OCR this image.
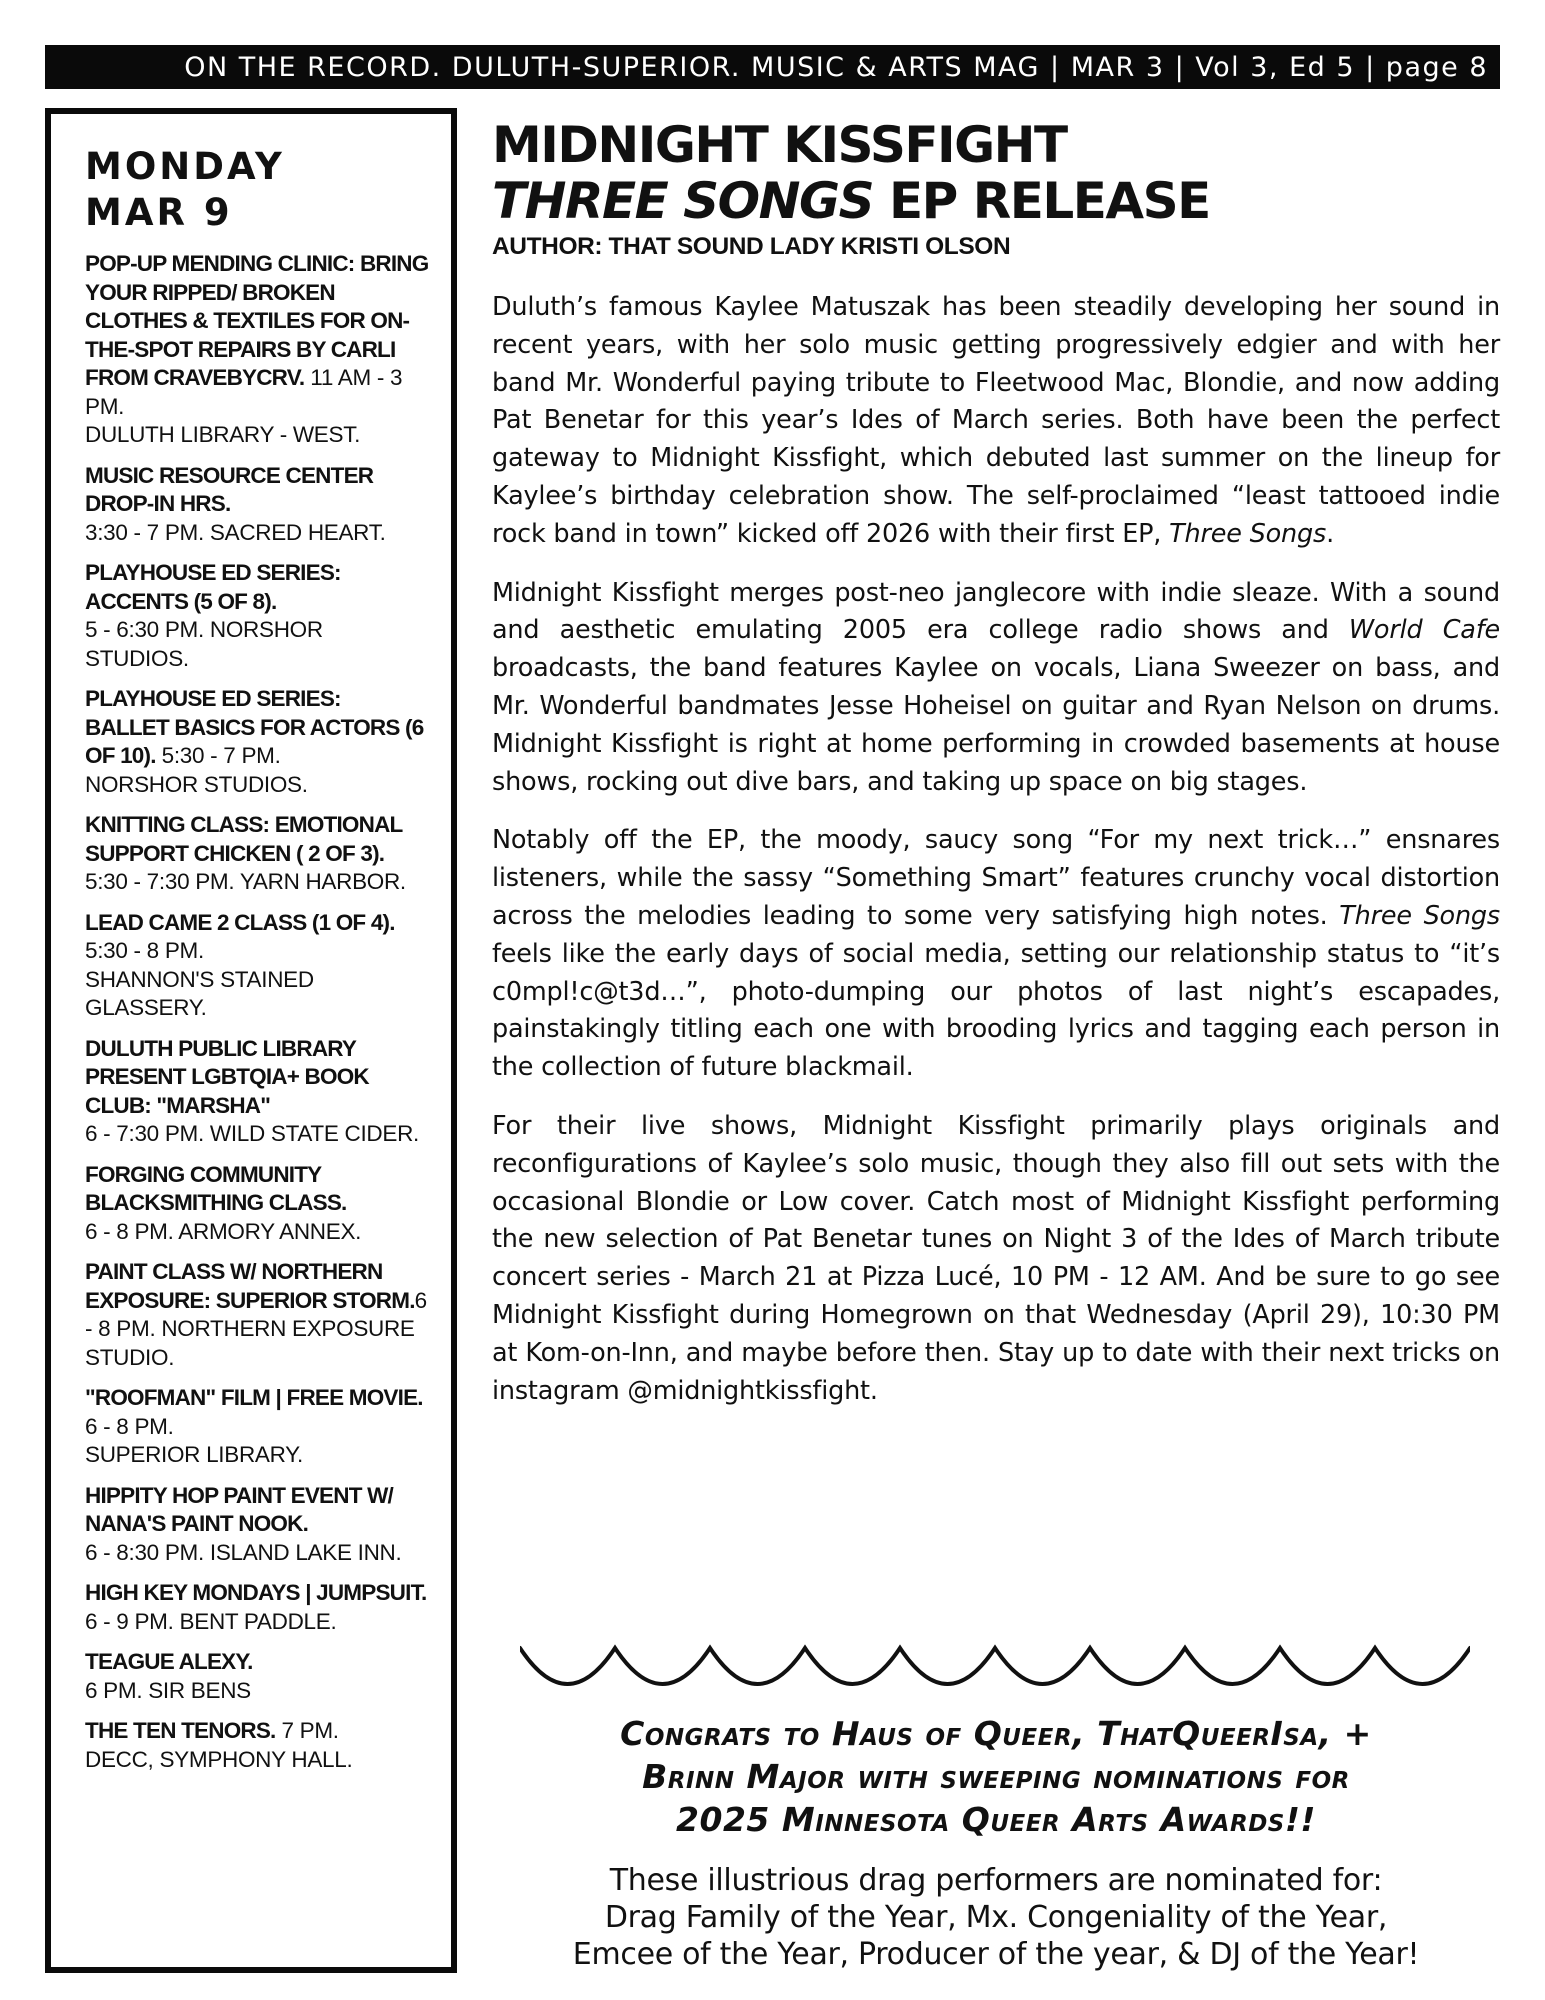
ON THE RECORD. DULUTH-SUPERIOR. MUSIC & ARTS MAG | MAR 3 | Vol 3, Ed 5 | page 8
MONDAY
MAR 9
POP-UP MENDING CLINIC: BRING YOUR RIPPED/ BROKEN CLOTHES & TEXTILES FOR ON-THE-SPOT REPAIRS BY CARLI FROM CRAVEBYCRV. 11 AM - 3 PM.
DULUTH LIBRARY - WEST.
MUSIC RESOURCE CENTER DROP-IN HRS.
3:30 - 7 PM. SACRED HEART.
PLAYHOUSE ED SERIES: ACCENTS (5 OF 8).
5 - 6:30 PM. NORSHOR STUDIOS.
PLAYHOUSE ED SERIES: BALLET BASICS FOR ACTORS (6 OF 10). 5:30 - 7 PM.
NORSHOR STUDIOS.
KNITTING CLASS: EMOTIONAL SUPPORT CHICKEN ( 2 OF 3).
5:30 - 7:30 PM. YARN HARBOR.
LEAD CAME 2 CLASS (1 OF 4). 5:30 - 8 PM.
SHANNON'S STAINED GLASSERY.
DULUTH PUBLIC LIBRARY PRESENT LGBTQIA+ BOOK CLUB: "MARSHA"
6 - 7:30 PM. WILD STATE CIDER.
FORGING COMMUNITY BLACKSMITHING CLASS.
6 - 8 PM. ARMORY ANNEX.
PAINT CLASS W/ NORTHERN EXPOSURE: SUPERIOR STORM.6 - 8 PM. NORTHERN EXPOSURE STUDIO.
"ROOFMAN" FILM | FREE MOVIE. 6 - 8 PM.
SUPERIOR LIBRARY.
HIPPITY HOP PAINT EVENT W/ NANA'S PAINT NOOK.
6 - 8:30 PM. ISLAND LAKE INN.
HIGH KEY MONDAYS | JUMPSUIT.
6 - 9 PM. BENT PADDLE.
TEAGUE ALEXY.
6 PM. SIR BENS
THE TEN TENORS. 7 PM.
DECC, SYMPHONY HALL.
MIDNIGHT KISSFIGHT
THREE SONGS EP RELEASE
AUTHOR: THAT SOUND LADY KRISTI OLSON

Duluth’s famous Kaylee Matuszak has been steadily developing her sound in recent years, with her solo music getting progressively edgier and with her band Mr. Wonderful paying tribute to Fleetwood Mac, Blondie, and now adding Pat Benetar for this year’s Ides of March series. Both have been the perfect gateway to Midnight Kissfight, which debuted last summer on the lineup for Kaylee’s birthday celebration show. The self-proclaimed “least tattooed indie rock band in town” kicked off 2026 with their first EP, Three Songs.

Midnight Kissfight merges post-neo janglecore with indie sleaze. With a sound and aesthetic emulating 2005 era college radio shows and World Cafe broadcasts, the band features Kaylee on vocals, Liana Sweezer on bass, and Mr. Wonderful bandmates Jesse Hoheisel on guitar and Ryan Nelson on drums. Midnight Kissfight is right at home performing in crowded basements at house shows, rocking out dive bars, and taking up space on big stages.

Notably off the EP, the moody, saucy song “For my next trick…” ensnares listeners, while the sassy “Something Smart” features crunchy vocal distortion across the melodies leading to some very satisfying high notes. Three Songs feels like the early days of social media, setting our relationship status to “it’s c0mpl!c@t3d…”, photo-dumping our photos of last night’s escapades, painstakingly titling each one with brooding lyrics and tagging each person in the collection of future blackmail.

For their live shows, Midnight Kissfight primarily plays originals and reconfigurations of Kaylee’s solo music, though they also fill out sets with the occasional Blondie or Low cover. Catch most of Midnight Kissfight performing the new selection of Pat Benetar tunes on Night 3 of the Ides of March tribute concert series - March 21 at Pizza Lucé, 10 PM - 12 AM. And be sure to go see Midnight Kissfight during Homegrown on that Wednesday (April 29), 10:30 PM at Kom-on-Inn, and maybe before then. Stay up to date with their next tricks on instagram @midnightkissfight.

Congrats to Haus of Queer, ThatQueerIsa, +
Brinn Major with sweeping nominations for
2025 Minnesota Queer Arts Awards!!
These illustrious drag performers are nominated for:
Drag Family of the Year, Mx. Congeniality of the Year,
Emcee of the Year, Producer of the year, & DJ of the Year!
